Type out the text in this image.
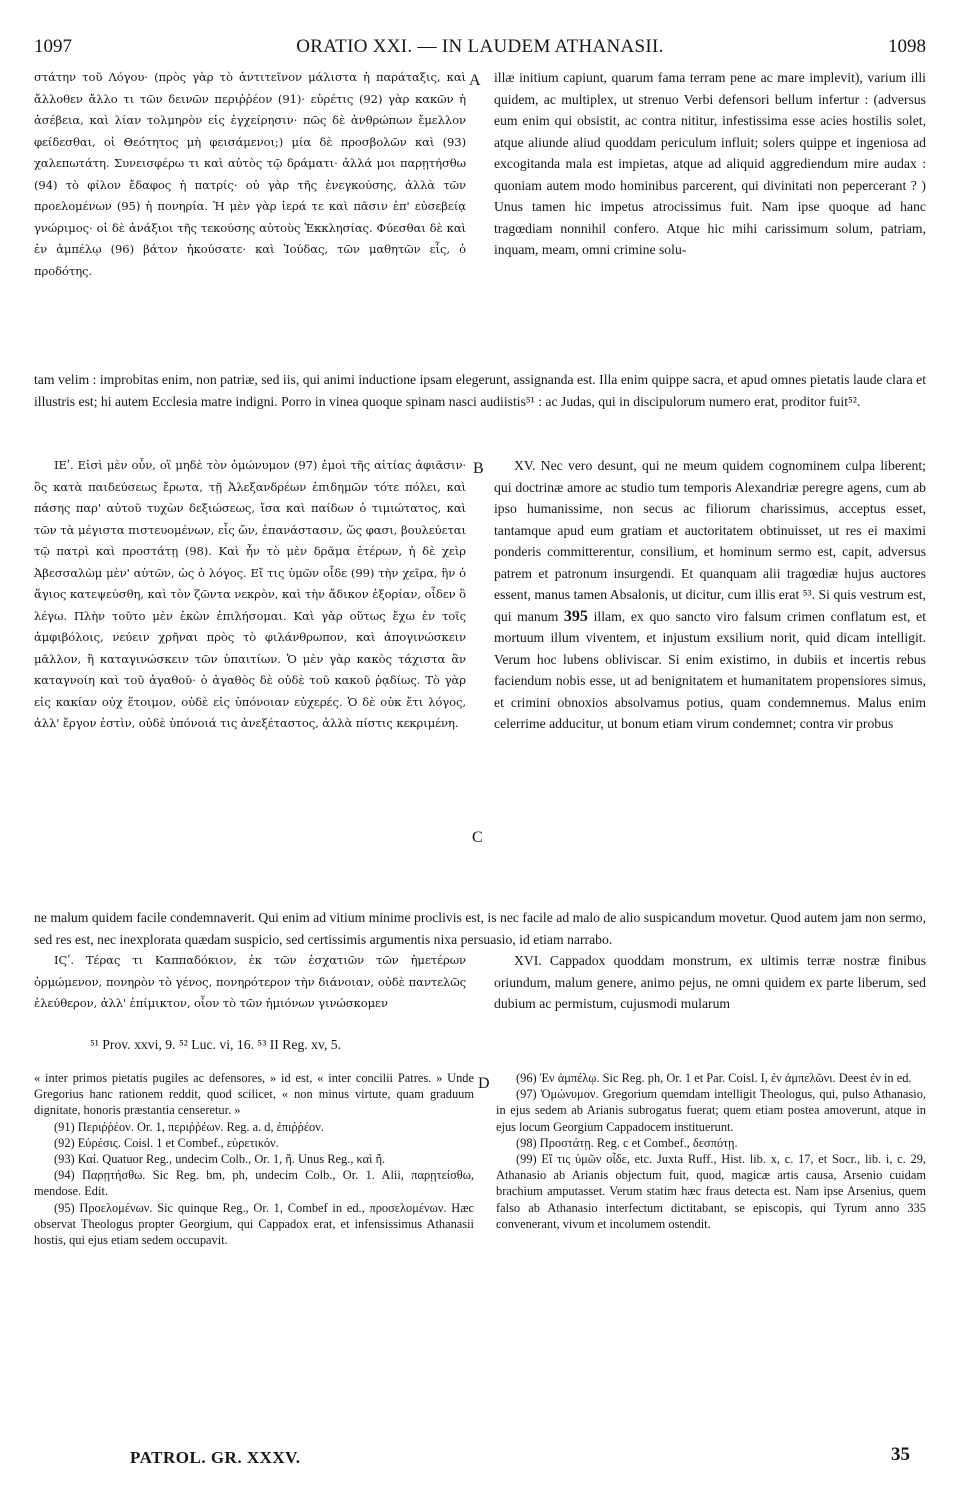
1097	ORATIO XXI. — IN LAUDEM ATHANASII.	1098

στάτην τοῦ Λόγου· (πρὸς γὰρ τὸ ἀντιτεῖνον μάλιστα ἡ παράταξις, καὶ ἄλλοθεν ἄλλο τι τῶν δεινῶν περιῤῥέον (91)· εὑρέτις (92) γὰρ κακῶν ἡ ἀσέβεια, καὶ λίαν τολμηρὸν εἰς ἐγχείρησιν· πῶς δὲ ἀνθρώπων ἔμελλον φείδεσθαι, οἱ Θεότητος μὴ φεισάμενοι;) μία δὲ προσβολῶν καὶ (93) χαλεπωτάτη. Συνεισφέρω τι καὶ αὐτὸς τῷ δράματι· ἀλλά μοι παρῃτήσθω (94) τὸ φίλον ἔδαφος ἡ πατρίς· οὐ γὰρ τῆς ἐνεγκούσης, ἀλλὰ τῶν προελομένων (95) ἡ πονηρία. Ἡ μὲν γὰρ ἱερά τε καὶ πᾶσιν ἐπ' εὐσεβείᾳ γνώριμος· οἱ δὲ ἀνάξιοι τῆς τεκούσης αὐτοὺς Ἐκκλησίας. Φύεσθαι δὲ καὶ ἐν ἀμπέλῳ (96) βάτον ἠκούσατε· καὶ Ἰούδας, τῶν μαθητῶν εἷς, ὁ προδότης.

A illæ initium capiunt, quarum fama terram pene ac mare implevit), varium illi quidem, ac multiplex, ut strenuo Verbi defensori bellum infertur : (adversus eum enim qui obsistit, ac contra nititur, infestissima esse acies hostilis solet, atque aliunde aliud quoddam periculum influit; solers quippe et ingeniosa ad excogitanda mala est impietas, atque ad aliquid aggrediendum mire audax : quoniam autem modo hominibus parcerent, qui divinitati non pepercerant ? ) Unus tamen hic impetus atrocissimus fuit. Nam ipse quoque ad hanc tragœdiam nonnihil confero. Atque hic mihi carissimum solum, patriam, inquam, meam, omni crimine solu-

tam velim : improbitas enim, non patriæ, sed iis, qui animi inductione ipsam elegerunt, assignanda est. Illa enim quippe sacra, et apud omnes pietatis laude clara et illustris est; hi autem Ecclesia matre indigni. Porro in vinea quoque spinam nasci audiistis⁵¹ : ac Judas, qui in discipulorum numero erat, proditor fuit⁵².

ΙΕʹ. Εἰσὶ μὲν οὖν, οἳ μηδὲ τὸν ὁμώνυμον (97) ἐμοὶ τῆς αἰτίας ἀφιᾶσιν· ὃς κατὰ παιδεύσεως ἔρωτα, τῇ Ἀλεξανδρέων ἐπιδημῶν τότε πόλει, καὶ πάσης παρ' αὐτοῦ τυχὼν δεξιώσεως, ἴσα καὶ παίδων ὁ τιμιώτατος, καὶ τῶν τὰ μέγιστα πιστευομένων, εἷς ὤν, ἐπανάστασιν, ὥς φασι, βουλεύεται τῷ πατρὶ καὶ προστάτῃ (98). Καὶ ἦν τὸ μὲν δρᾶμα ἑτέρων, ἡ δὲ χεὶρ Ἀβεσσαλὼμ μὲν' αὐτῶν, ὡς ὁ λόγος. Εἴ τις ὑμῶν οἶδε (99) τὴν χεῖρα, ἣν ὁ ἅγιος κατεψεύσθη, καὶ τὸν ζῶντα νεκρὸν, καὶ τὴν ἄδικον ἐξορίαν, οἶδεν ὃ λέγω. Πλὴν τοῦτο μὲν ἑκὼν ἐπιλήσομαι. Καὶ γὰρ οὕτως ἔχω ἐν τοῖς ἀμφιβόλοις, νεύειν χρῆναι πρὸς τὸ φιλάνθρωπον, καὶ ἀπογινώσκειν μᾶλλον, ἢ καταγινώσκειν τῶν ὑπαιτίων. Ὁ μὲν γὰρ κακὸς τάχιστα ἂν καταγνοίη καὶ τοῦ ἀγαθοῦ· ὁ ἀγαθὸς δὲ οὐδὲ τοῦ κακοῦ ῥᾳδίως. Τὸ γὰρ εἰς κακίαν οὐχ ἕτοιμον, οὐδὲ εἰς ὑπόνοιαν εὐχερές. Ὁ δὲ οὐκ ἔτι λόγος, ἀλλ' ἔργον ἐστὶν, οὐδὲ ὑπόνοιά τις ἀνεξέταστος, ἀλλὰ πίστις κεκριμένη.

B	XV. Nec vero desunt, qui ne meum quidem cognominem culpa liberent; qui doctrinæ amore ac studio tum temporis Alexandriæ peregre agens, cum ab ipso humanissime, non secus ac filiorum charissimus, acceptus esset, tantamque apud eum gratiam et auctoritatem obtinuisset, ut res ei maximi ponderis committerentur, consilium, et hominum sermo est, capit, adversus patrem et patronum insurgendi. Et quanquam alii tragœdiæ hujus auctores essent, manus tamen Absalonis, ut dicitur, cum illis erat ⁵³. Si quis vestrum est, qui manum 395 illam, ex quo sancto viro falsum crimen conflatum est, et mortuum illum viventem, et injustum exsilium norit, quid dicam intelligit. Verum hoc lubens obliviscar. Si enim existimo, in dubiis et incertis rebus faciendum nobis esse, ut ad benignitatem et humanitatem propensiores simus, et crimini obnoxios absolvamus potius, quam condemnemus. Malus enim celerrime adducitur, ut bonum etiam virum condemnet; contra vir probus
C

ne malum quidem facile condemnaverit. Qui enim ad vitium minime proclivis est, is nec facile ad malo de alio suspicandum movetur. Quod autem jam non sermo, sed res est, nec inexplorata quædam suspicio, sed certissimis argumentis nixa persuasio, id etiam narrabo.

ΙϚʹ. Τέρας τι Καππαδόκιον, ἐκ τῶν ἐσχατιῶν τῶν ἡμετέρων ὁρμώμενον, πονηρὸν τὸ γένος, πονηρότερον τὴν διάνοιαν, οὐδὲ παντελῶς ἐλεύθερον, ἀλλ' ἐπίμικτον, οἷον τὸ τῶν ἡμιόνων γινώσκομεν

XVI. Cappadox quoddam monstrum, ex ultimis terræ nostræ finibus oriundum, malum genere, animo pejus, ne omni quidem ex parte liberum, sed dubium ac permistum, cujusmodi mularum

⁵¹ Prov. xxvi, 9. ⁵² Luc. vi, 16. ⁵³ II Reg. xv, 5.

« inter primos pietatis pugiles ac defensores, » id est, « inter concilii Patres. » Unde Gregorius hanc rationem reddit, quod scilicet, « non minus virtute, quam graduum dignitate, honoris præstantia censeretur. »

(91) Περιῤῥέον. Or. 1, περιῤῥέων. Reg. a. d, ἐπιῤῥέον.

(92) Εὑρέσις. Coisl. 1 et Combef., εὑρετικόν.

(93) Καί. Quatuor Reg., undecim Colb., Or. 1, ἤ. Unus Reg., καὶ ἤ.

(94) Παρῃτήσθω. Sic Reg. bm, ph, undecim Colb., Or. 1. Alii, παρῃτείσθω, mendose. Edit.

(95) Προελομένων. Sic quinque Reg., Or. 1, Combef in ed., προσελομένων. Hæc observat Theologus propter Georgium, qui Cappadox erat, et infensissimus Athanasii hostis, qui ejus etiam sedem occupavit.

D	(96) Ἐν ἀμπέλῳ. Sic Reg. ph, Or. 1 et Par. Coisl. I, ἐν ἀμπελῶνι. Deest ἐν in ed.

(97) Ὁμώνυμον. Gregorium quemdam intelligit Theologus, qui, pulso Athanasio, in ejus sedem ab Arianis subrogatus fuerat; quem etiam postea amoverunt, atque in ejus locum Georgium Cappadocem instituerunt.

(98) Προστάτῃ. Reg. c et Combef., δεσπότῃ.

(99) Εἴ τις ὑμῶν οἶδε, etc. Juxta Ruff., Hist. lib. x, c. 17, et Socr., lib. i, c. 29, Athanasio ab Arianis objectum fuit, quod, magicæ artis causa, Arsenio cuidam brachium amputasset. Verum statim hæc fraus detecta est. Nam ipse Arsenius, quem falso ab Athanasio interfectum dictitabant, se episcopis, qui Tyrum anno 335 convenerant, vivum et incolumem ostendit.

PATROL. GR. XXXV.	35
